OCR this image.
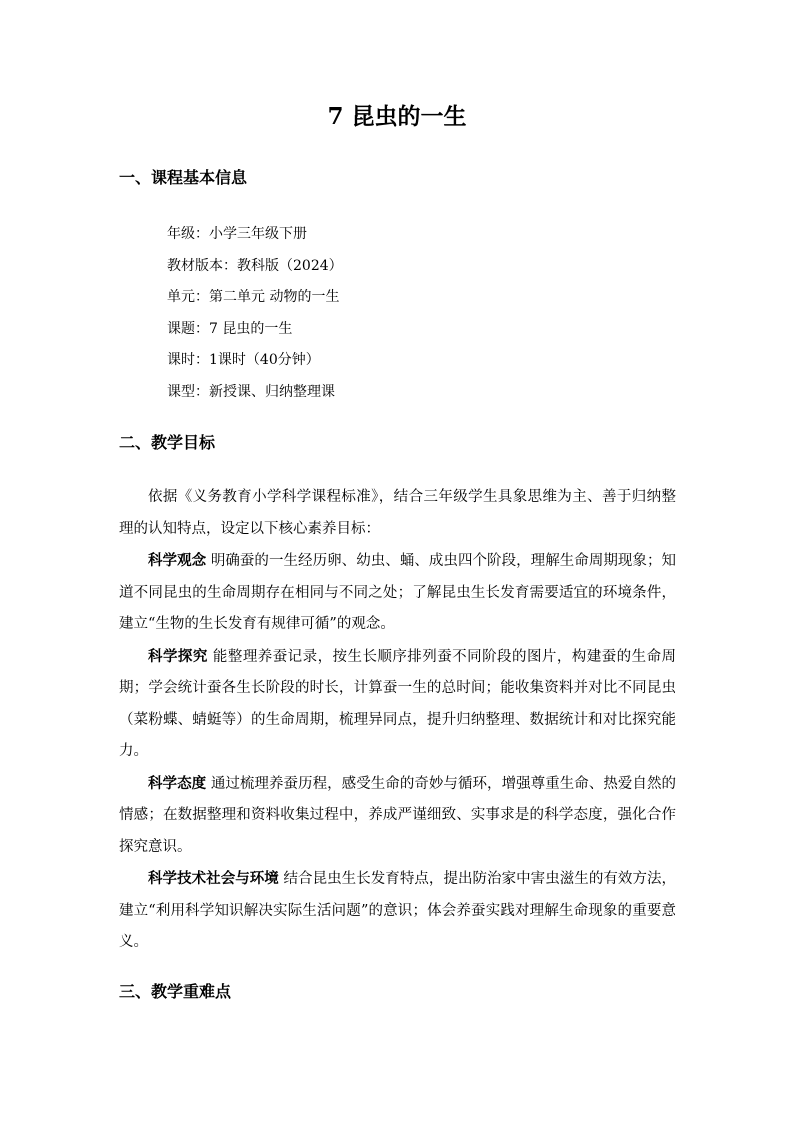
7 昆虫的一生
一、课程基本信息
年级：小学三年级下册
教材版本：教科版（2024）
单元：第二单元 动物的一生
课题：7 昆虫的一生
课时：1课时（40分钟）
课型：新授课、归纳整理课
二、教学目标

依据《义务教育小学科学课程标准》，结合三年级学生具象思维为主、善于归纳整理的认知特点，设定以下核心素养目标：

科学观念 明确蚕的一生经历卵、幼虫、蛹、成虫四个阶段，理解生命周期现象；知道不同昆虫的生命周期存在相同与不同之处；了解昆虫生长发育需要适宜的环境条件，建立“生物的生长发育有规律可循”的观念。

科学探究 能整理养蚕记录，按生长顺序排列蚕不同阶段的图片，构建蚕的生命周期；学会统计蚕各生长阶段的时长，计算蚕一生的总时间；能收集资料并对比不同昆虫（菜粉蝶、蜻蜓等）的生命周期，梳理异同点，提升归纳整理、数据统计和对比探究能力。

科学态度 通过梳理养蚕历程，感受生命的奇妙与循环，增强尊重生命、热爱自然的情感；在数据整理和资料收集过程中，养成严谨细致、实事求是的科学态度，强化合作探究意识。

科学技术社会与环境 结合昆虫生长发育特点，提出防治家中害虫滋生的有效方法，建立“利用科学知识解决实际生活问题”的意识；体会养蚕实践对理解生命现象的重要意义。

三、教学重难点
